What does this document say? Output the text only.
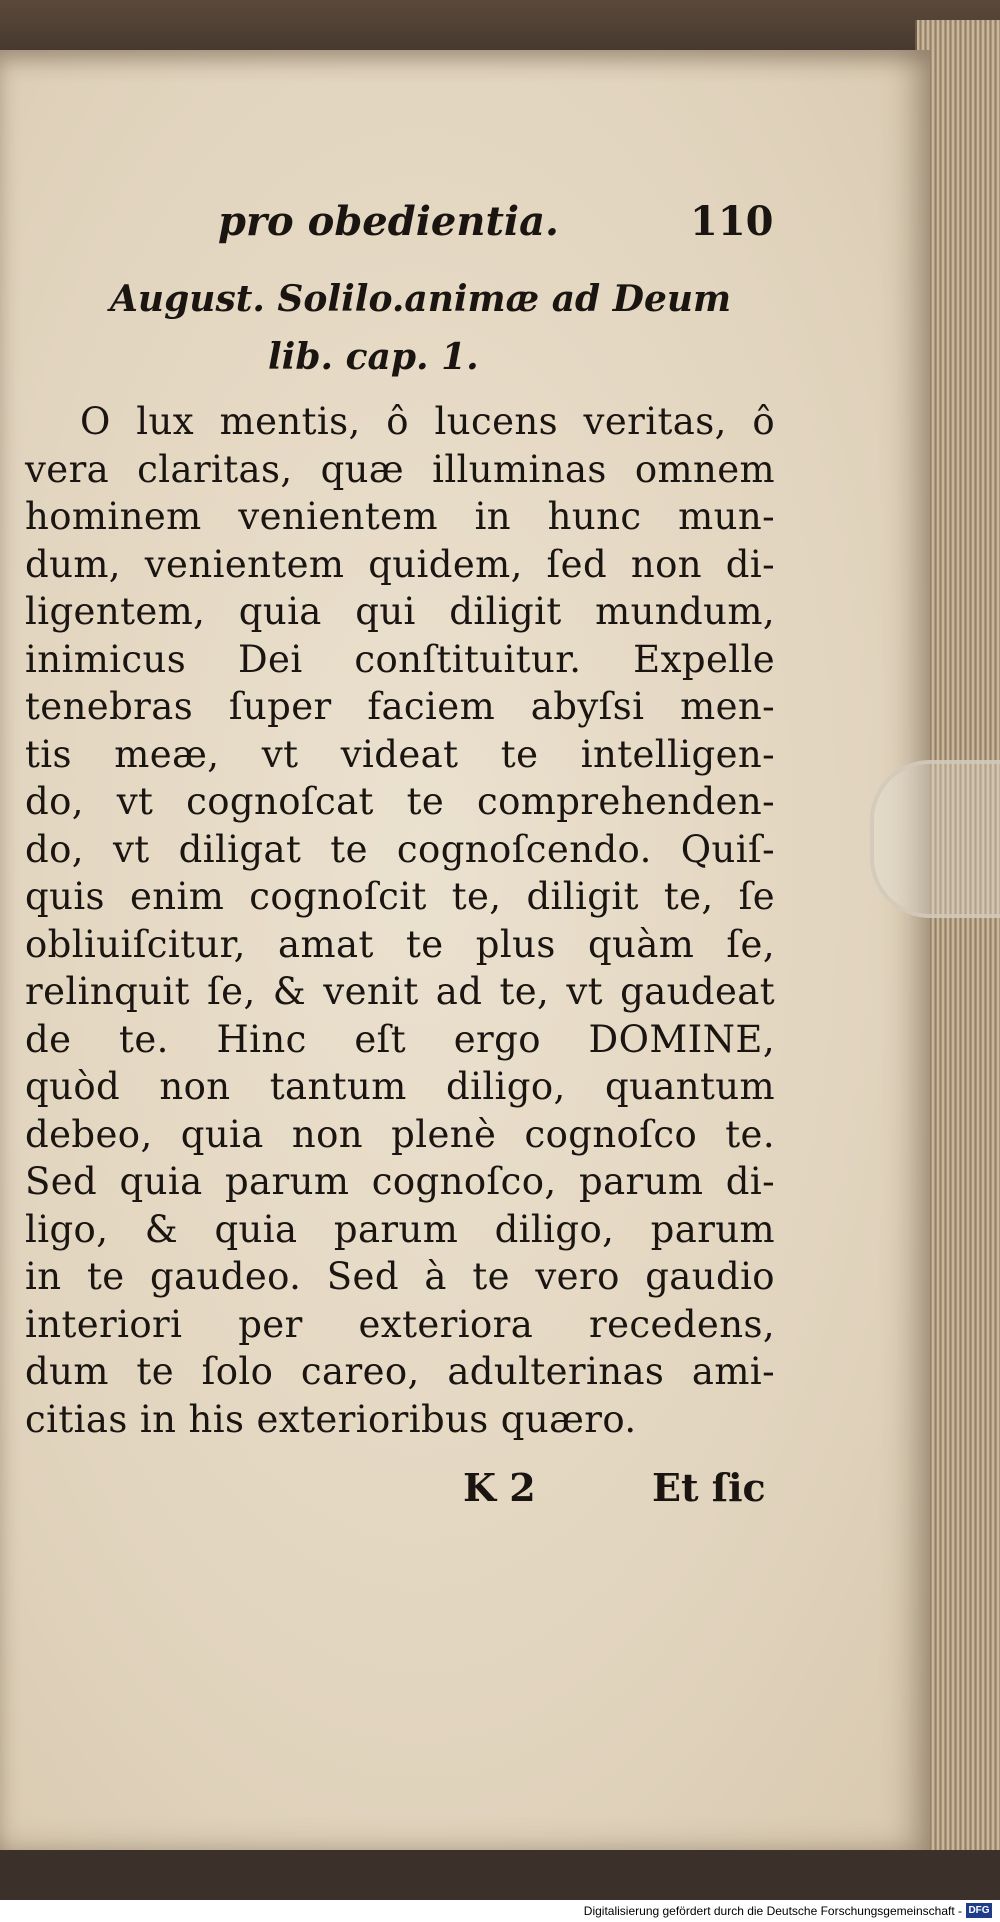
pro obedientia.	110
August. Solilo.animæ ad Deum
lib. cap. 1.
O lux mentis, ô lucens veritas, ô
vera claritas, quæ illuminas omnem
hominem venientem in hunc mun-
dum, venientem quidem, ſed non di-
ligentem, quia qui diligit mundum,
inimicus Dei conſtituitur. Expelle
tenebras ſuper faciem abyſsi men-
tis meæ, vt videat te intelligen-
do, vt cognoſcat te comprehenden-
do, vt diligat te cognoſcendo. Quiſ-
quis enim cognoſcit te, diligit te, ſe
obliuiſcitur, amat te plus quàm ſe,
relinquit ſe, & venit ad te, vt gaudeat
de te. Hinc eſt ergo DOMINE,
quòd non tantum diligo, quantum
debeo, quia non plenè cognoſco te.
Sed quia parum cognoſco, parum di-
ligo, & quia parum diligo, parum
in te gaudeo. Sed à te vero gaudio
interiori per exteriora recedens,
dum te ſolo careo, adulterinas ami-
citias in his exterioribus quæro.
K 2	Et ſic
Digitalisierung gefördert durch die Deutsche Forschungsgemeinschaft - DFG
